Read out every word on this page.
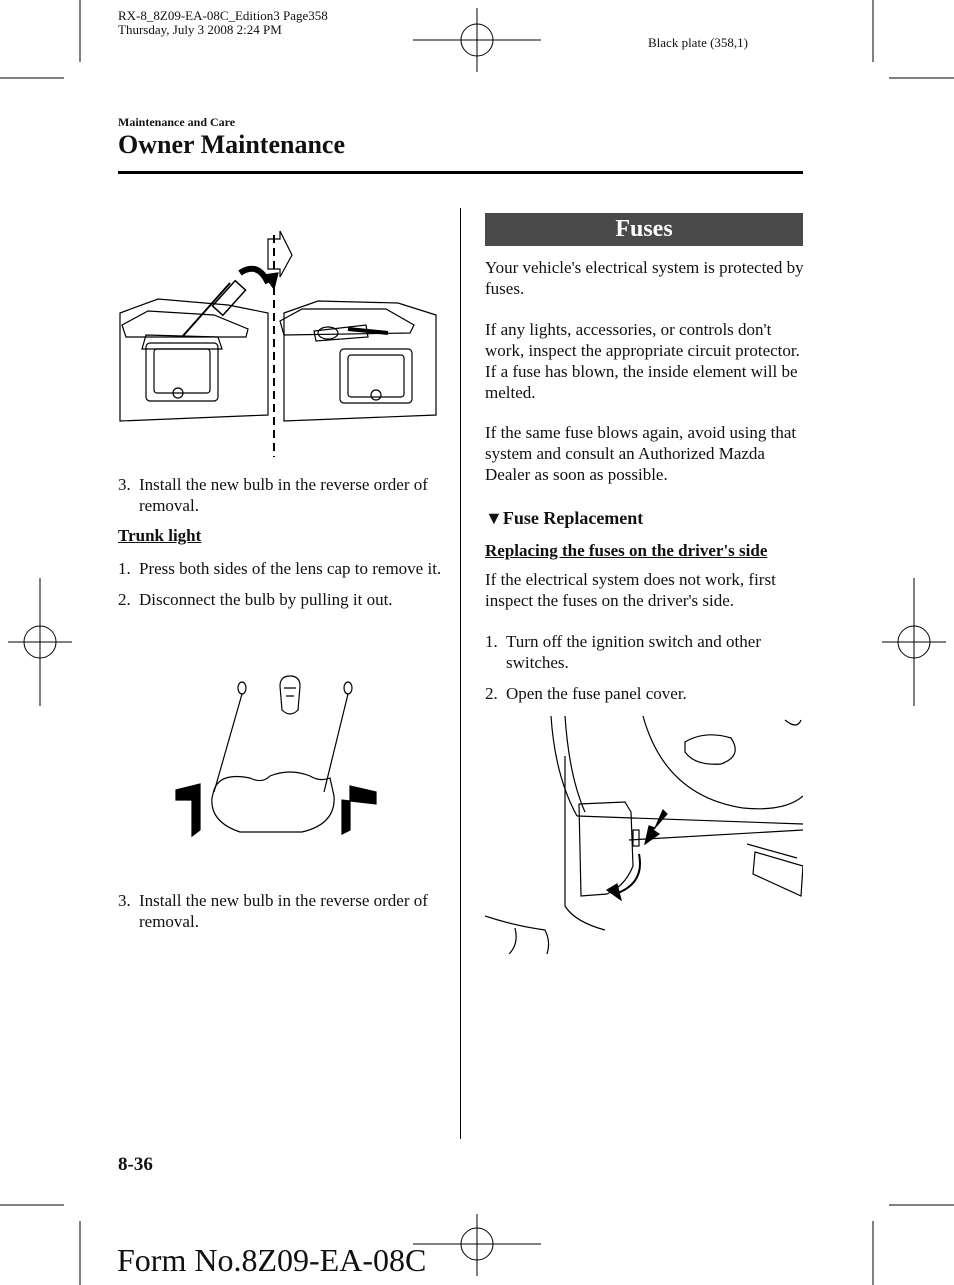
RX-8_8Z09-EA-08C_Edition3 Page358
Thursday, July 3 2008 2:24 PM
Black plate (358,1)
Maintenance and Care
Owner Maintenance
3. Install the new bulb in the reverse order of removal.
Trunk light
1. Press both sides of the lens cap to remove it.
2. Disconnect the bulb by pulling it out.
3. Install the new bulb in the reverse order of removal.
Fuses
Your vehicle's electrical system is protected by fuses.
If any lights, accessories, or controls don't work, inspect the appropriate circuit protector. If a fuse has blown, the inside element will be melted.
If the same fuse blows again, avoid using that system and consult an Authorized Mazda Dealer as soon as possible.
▼Fuse Replacement
Replacing the fuses on the driver's side
If the electrical system does not work, first inspect the fuses on the driver's side.
1. Turn off the ignition switch and other switches.
2. Open the fuse panel cover.
8-36
Form No.8Z09-EA-08C
